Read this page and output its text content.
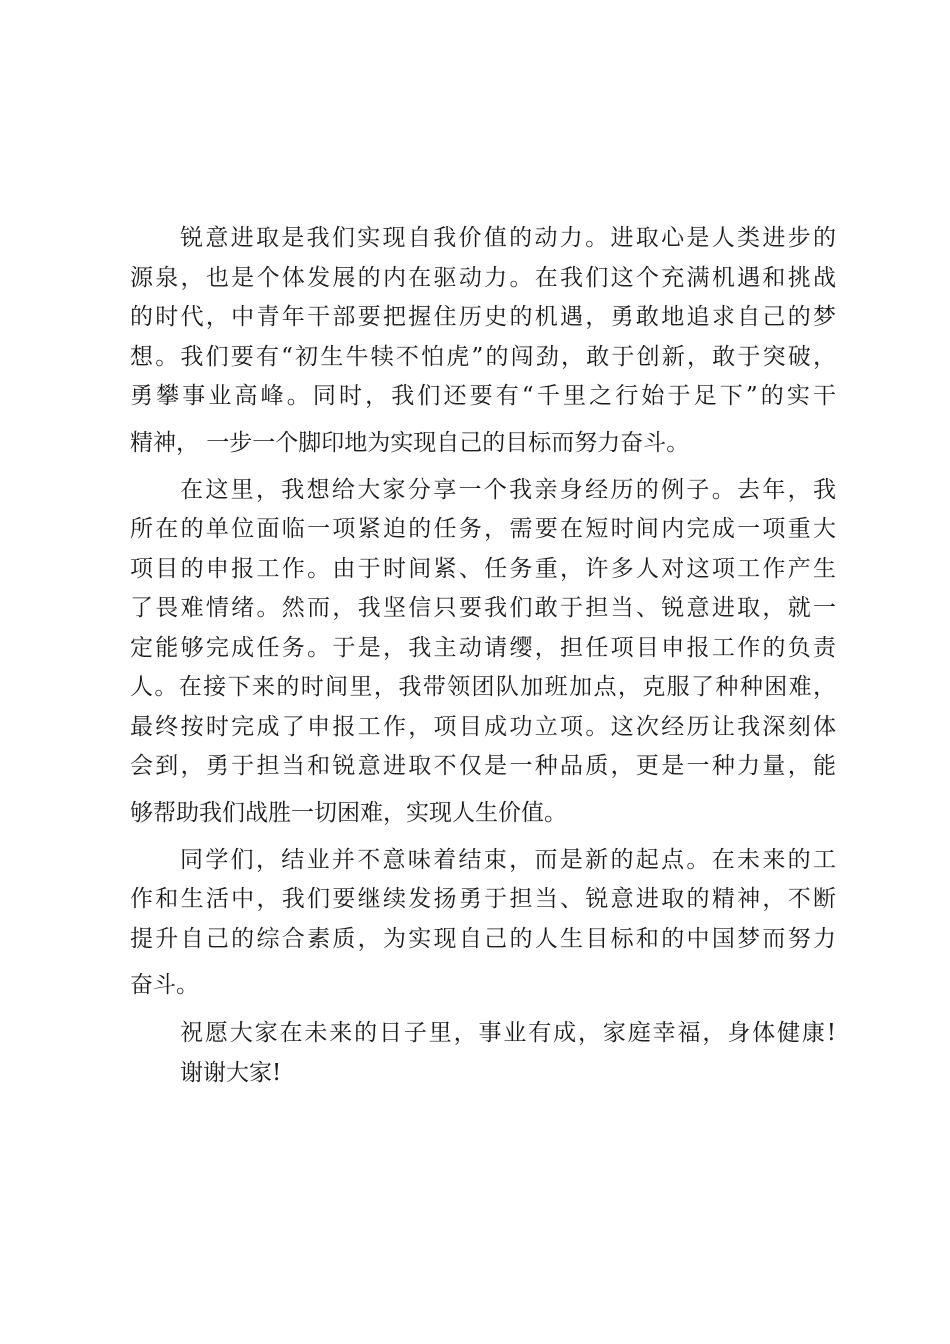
锐意进取是我们实现自我价值的动力。进取心是人类进步的
源泉，也是个体发展的内在驱动力。在我们这个充满机遇和挑战
的时代，中青年干部要把握住历史的机遇，勇敢地追求自己的梦
想。我们要有“初生牛犊不怕虎”的闯劲，敢于创新，敢于突破，
勇攀事业高峰。同时，我们还要有“千里之行始于足下”的实干
精神， 一步一个脚印地为实现自己的目标而努力奋斗。
在这里，我想给大家分享一个我亲身经历的例子。去年，我
所在的单位面临一项紧迫的任务，需要在短时间内完成一项重大
项目的申报工作。由于时间紧、任务重，许多人对这项工作产生
了畏难情绪。然而，我坚信只要我们敢于担当、锐意进取，就一
定能够完成任务。于是，我主动请缨，担任项目申报工作的负责
人。在接下来的时间里，我带领团队加班加点，克服了种种困难，
最终按时完成了申报工作，项目成功立项。这次经历让我深刻体
会到，勇于担当和锐意进取不仅是一种品质，更是一种力量，能
够帮助我们战胜一切困难，实现人生价值。
同学们，结业并不意味着结束，而是新的起点。在未来的工
作和生活中，我们要继续发扬勇于担当、锐意进取的精神，不断
提升自己的综合素质，为实现自己的人生目标和的中国梦而努力
奋斗。
祝愿大家在未来的日子里，事业有成，家庭幸福，身体健康!
谢谢大家!
